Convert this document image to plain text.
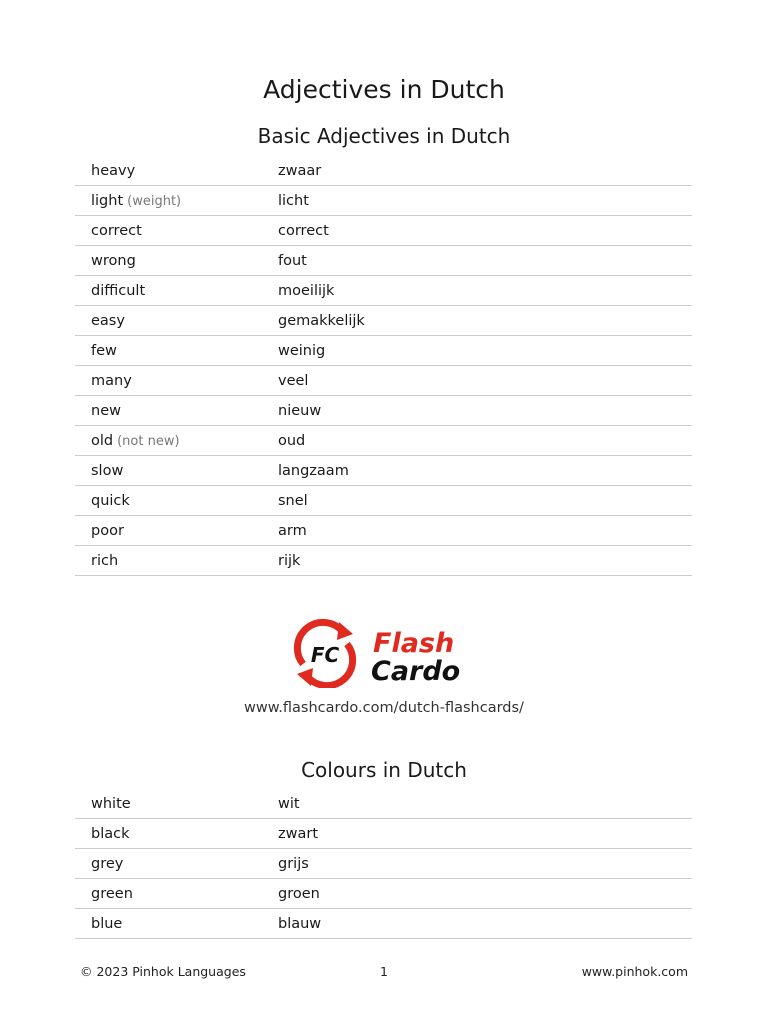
Adjectives in Dutch
Basic Adjectives in Dutch
heavy	zwaar
light (weight)	licht
correct	correct
wrong	fout
difficult	moeilijk
easy	gemakkelijk
few	weinig
many	veel
new	nieuw
old (not new)	oud
slow	langzaam
quick	snel
poor	arm
rich	rijk
FC Flash
Cardo
www.flashcardo.com/dutch-flashcards/
Colours in Dutch
white	wit
black	zwart
grey	grijs
green	groen
blue	blauw
© 2023 Pinhok Languages	1	www.pinhok.com
